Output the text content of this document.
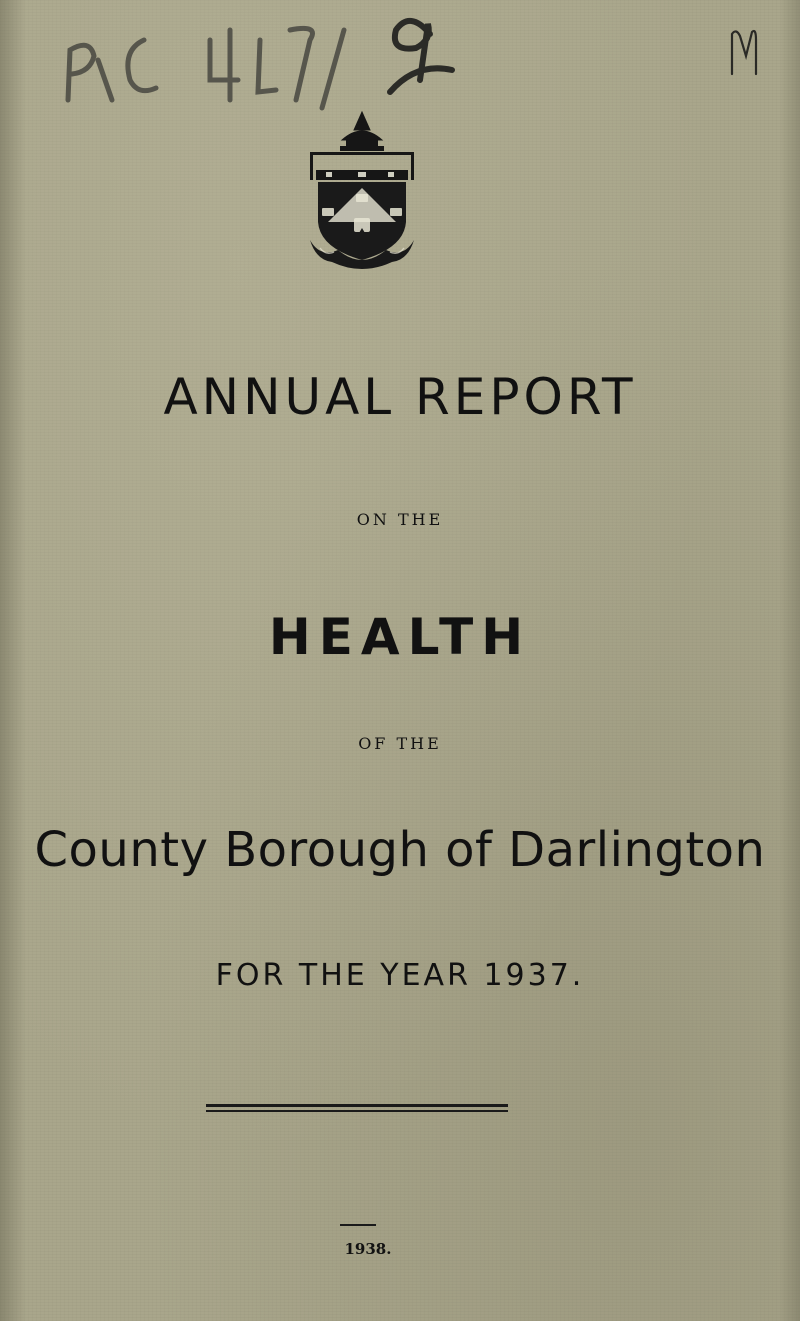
ANNUAL REPORT
ON THE
HEALTH
OF THE
County Borough of Darlington
FOR THE YEAR 1937.
1938.
